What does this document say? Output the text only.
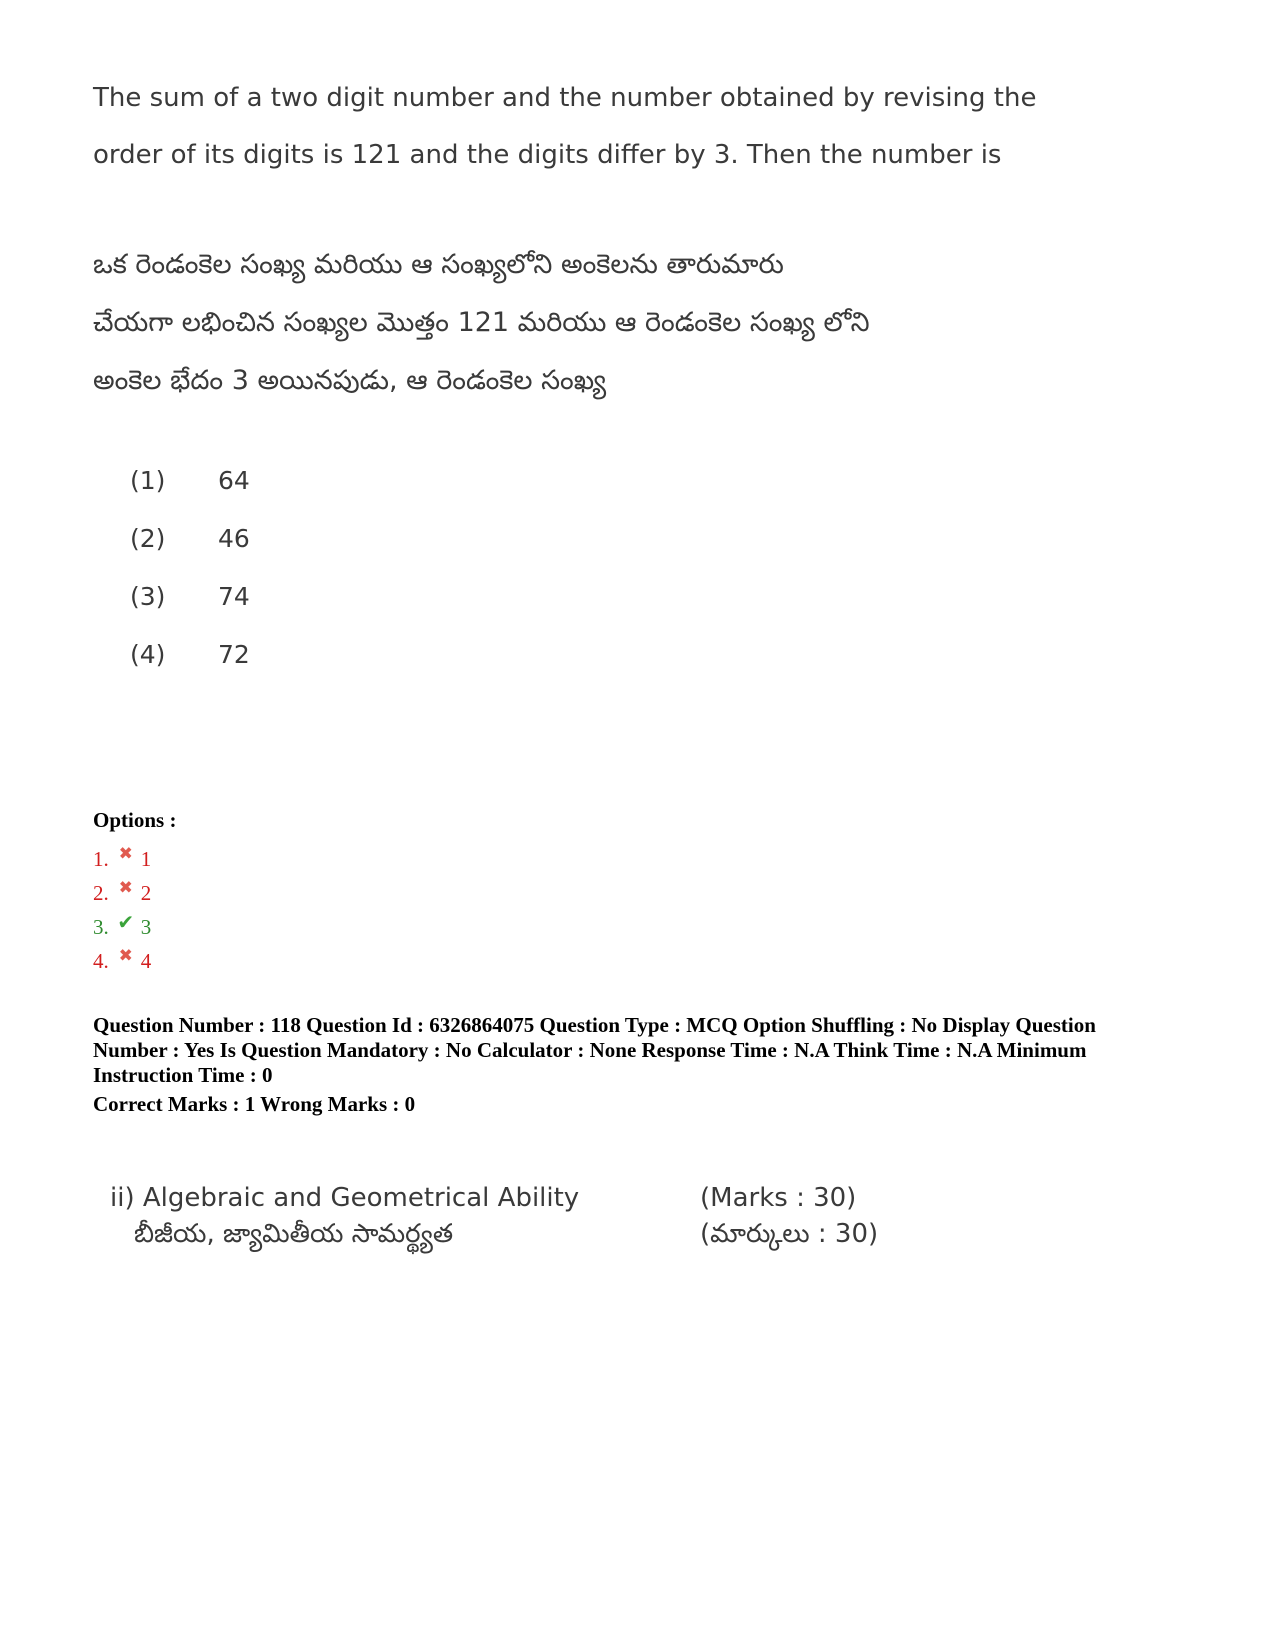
The sum of a two digit number and the number obtained by revising the
order of its digits is 121 and the digits differ by 3. Then the number is
ఒక రెండంకెల సంఖ్య మరియు ఆ సంఖ్యలోని అంకెలను తారుమారు
చేయగా లభించిన సంఖ్యల మొత్తం 121 మరియు ఆ రెండంకెల సంఖ్య లోని
అంకెల భేదం 3 అయినపుడు, ఆ రెండంకెల సంఖ్య
(1)	64
(2)	46
(3)	74
(4)	72
Options :
1. ✖ 1
2. ✖ 2
3. ✔ 3
4. ✖ 4
Question Number : 118 Question Id : 6326864075 Question Type : MCQ Option Shuffling : No Display Question
Number : Yes Is Question Mandatory : No Calculator : None Response Time : N.A Think Time : N.A Minimum
Instruction Time : 0
Correct Marks : 1 Wrong Marks : 0
ii) Algebraic and Geometrical Ability	(Marks : 30)
బీజీయ, జ్యామితీయ సామర్థ్యత	(మార్కులు : 30)
